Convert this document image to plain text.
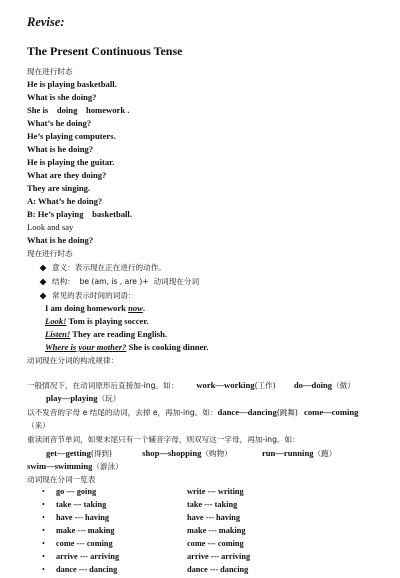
Revise:
The Present Continuous Tense
现在进行时态
He is playing basketball.
What is she doing?
She is    doing    homework .
What’s he doing?
He’s playing computers.
What is he doing?
He is playing the guitar.
What are they doing?
They are singing.
A: What’s he doing?
B: He’s playing    basketball.
Look and say
What is he doing?
现在进行时态
意义：表示现在正在进行的动作。
结构：  be (am, is , are )+  动词现在分词
常见的表示时间的词语：
I am doing homework now.
Look! Tom is playing soccer.
Listen! They are reading English.
Where is your mother? She is cooking dinner.
动词现在分词的构成规律：
一般情况下，在动词原形后直接加-ing。如： work—working(工作) do—doing（做）
play—playing（玩）
以不发音的字母 e 结尾的动词，去掉 e，再加-ing。如：dance—dancing(跳舞) come—coming
（来）
重读闭音节单词，如果末尾只有一个辅音字母，则双写这一字母，再加-ing。如：
get—getting(得到)	shop—shopping（购物）	run—running（跑）
swim—swimming（游泳）
动词现在分词一览表
• go --- going	write --- writing
• take --- taking	take --- taking
• have --- having	have --- having
• make --- making	make --- making
• come --- coming	come --- coming
• arrive --- arriving	arrive --- arriving
• dance --- dancing	dance --- dancing
